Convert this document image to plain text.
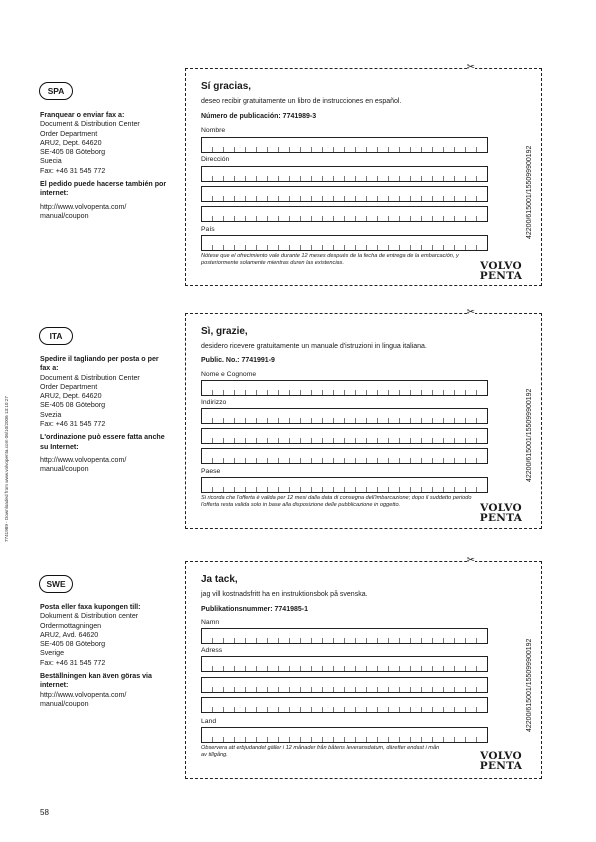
7741989 - Downloaded from www.volvopenta.com 06/10/2006 13:10:27
SPA

Franquear o enviar fax a:

Document & Distribution Center

Order Department

ARU2, Dept. 64620

SE-405 08 Göteborg

Suecia

Fax: +46 31 545 772

El pedido puede hacerse también por internet:

http://www.volvopenta.com/

manual/coupon

✂
Sí gracias,
deseo recibir gratuitamente un libro de instrucciones en español.
Número de publicación: 7741989-3
Nombre
Dirección
País
Nótese que el ofrecimiento vale durante 12 meses después de la fecha de entrega de la embarcación, y posteriormente solamente mientras duren las existencias.	VOLVO
PENTA
42200/615001/155099900192
ITA

Spedire il tagliando per posta o per fax a:

Document & Distribution Center

Order Department

ARU2, Dept. 64620

SE-405 08 Göteborg

Svezia

Fax: +46 31 545 772

L'ordinazione può essere fatta anche su Internet:

http://www.volvopenta.com/

manual/coupon

✂
Sì, grazie,
desidero ricevere gratuitamente un manuale d'istruzioni in lingua italiana.
Public. No.: 7741991-9
Nome e Cognome
Indirizzo
Paese
Si ricorda che l'offerta è valida per 12 mesi dalla data di consegna dell'imbarcazione; dopo il suddetto periodo l'offerta resta valida solo in base alla disposizione delle pubblicazione in oggetto.	VOLVO
PENTA
42200/615001/155099900192
SWE

Posta eller faxa kupongen till:

Dokument & Distribution center

Ordermottagningen

ARU2, Avd. 64620

SE-405 08 Göteborg

Sverige

Fax: +46 31 545 772

Beställningen kan även göras via internet:

http://www.volvopenta.com/

manual/coupon

✂
Ja tack,
jag vill kostnadsfritt ha en instruktionsbok på svenska.
Publikationsnummer: 7741985-1
Namn
Adress
Land
Observera att erbjudandet gäller i 12 månader från båtens leveransdatum, därefter endast i mån av tillgång.	VOLVO
PENTA
42200/615001/155099900192
58
